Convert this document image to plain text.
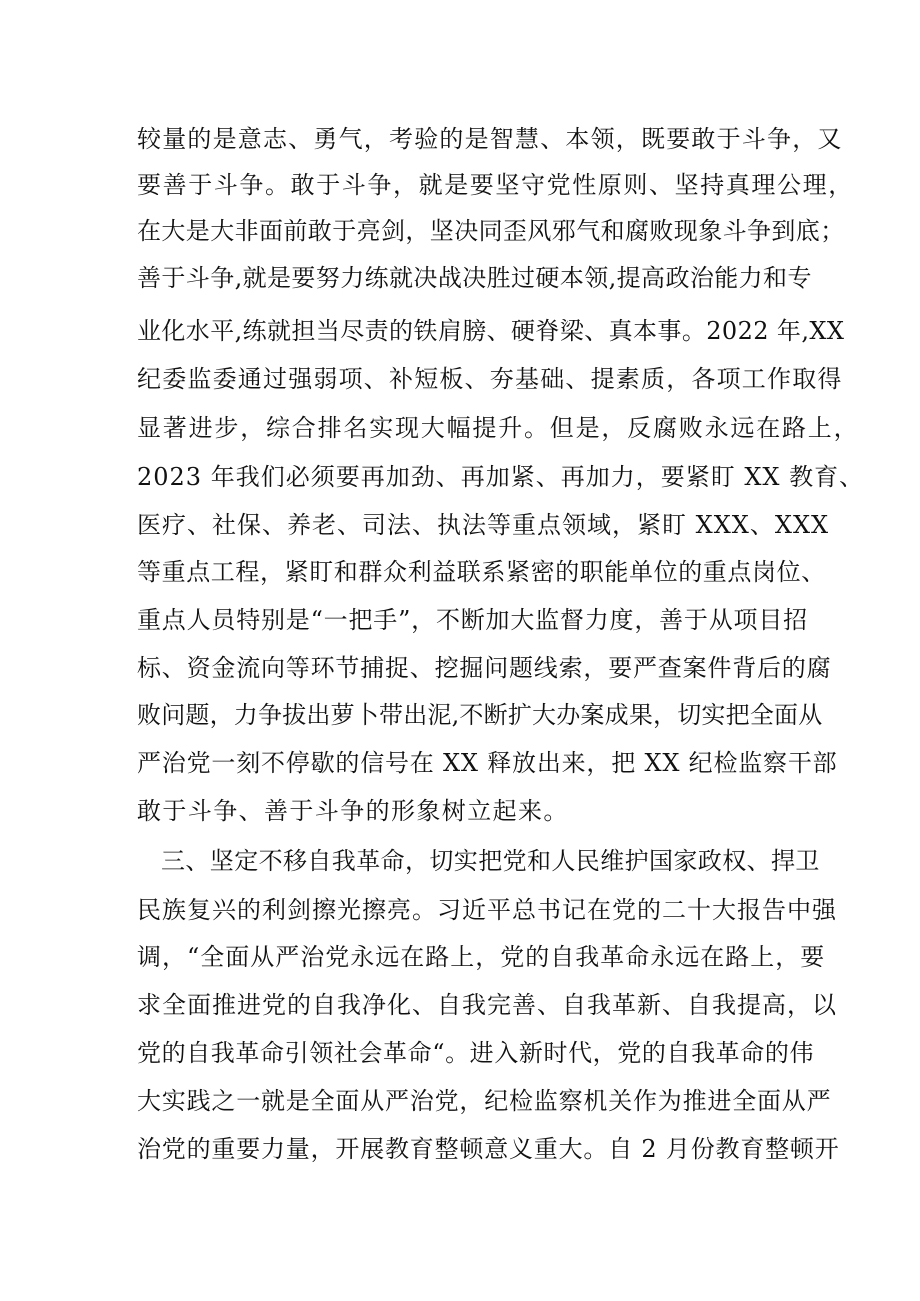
较量的是意志、勇气，考验的是智慧、本领，既要敢于斗争，又
要善于斗争。敢于斗争，就是要坚守党性原则、坚持真理公理，
在大是大非面前敢于亮剑，坚决同歪风邪气和腐败现象斗争到底；
善于斗争,就是要努力练就决战决胜过硬本领,提高政治能力和专
业化水平,练就担当尽责的铁肩膀、硬脊梁、真本事。2022 年,XX
纪委监委通过强弱项、补短板、夯基础、提素质，各项工作取得
显著进步，综合排名实现大幅提升。但是，反腐败永远在路上，
2023 年我们必须要再加劲、再加紧、再加力，要紧盯 XX 教育、
医疗、社保、养老、司法、执法等重点领域，紧盯 XXX、XXX
等重点工程，紧盯和群众利益联系紧密的职能单位的重点岗位、
重点人员特别是“一把手”，不断加大监督力度，善于从项目招
标、资金流向等环节捕捉、挖掘问题线索，要严查案件背后的腐
败问题，力争拔出萝卜带出泥,不断扩大办案成果，切实把全面从
严治党一刻不停歇的信号在 XX 释放出来，把 XX 纪检监察干部
敢于斗争、善于斗争的形象树立起来。
三、坚定不移自我革命，切实把党和人民维护国家政权、捍卫
民族复兴的利剑擦光擦亮。习近平总书记在党的二十大报告中强
调，“全面从严治党永远在路上，党的自我革命永远在路上，要
求全面推进党的自我净化、自我完善、自我革新、自我提高，以
党的自我革命引领社会革命“。进入新时代，党的自我革命的伟
大实践之一就是全面从严治党，纪检监察机关作为推进全面从严
治党的重要力量，开展教育整顿意义重大。自 2 月份教育整顿开
